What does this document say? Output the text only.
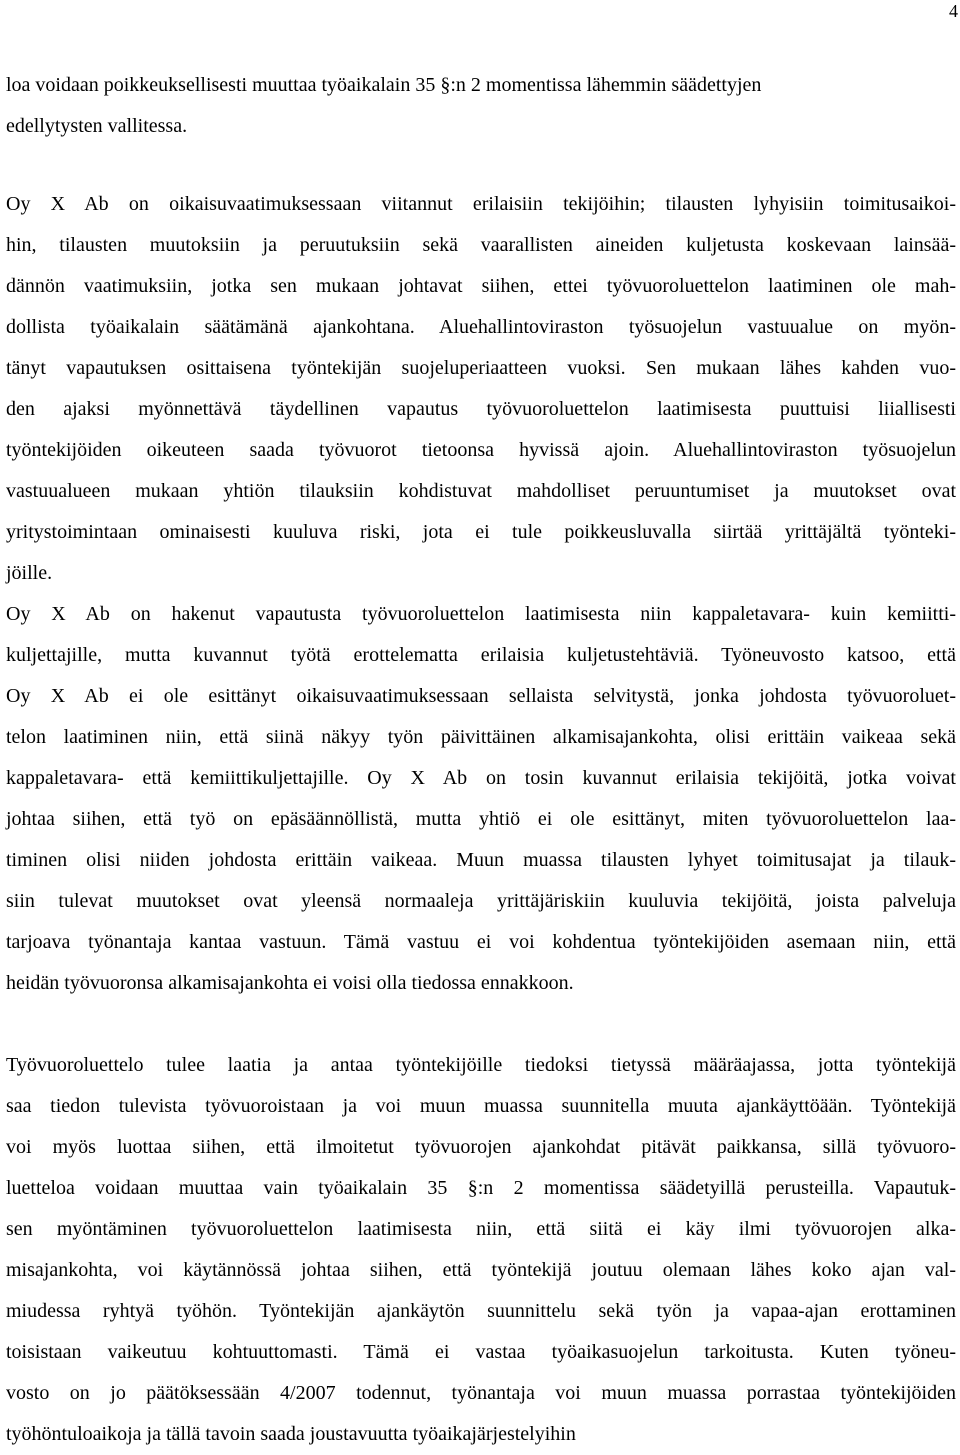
4
loa voidaan poikkeuksellisesti muuttaa työaikalain 35 §:n 2 momentissa lähemmin säädettyjen
edellytysten vallitessa.
Oy X Ab on oikaisuvaatimuksessaan viitannut erilaisiin tekijöihin; tilausten lyhyisiin toimitusaikoi-
hin, tilausten muutoksiin ja peruutuksiin sekä vaarallisten aineiden kuljetusta koskevaan lainsää-
dännön vaatimuksiin, jotka sen mukaan johtavat siihen, ettei työvuoroluettelon laatiminen ole mah-
dollista työaikalain säätämänä ajankohtana. Aluehallintoviraston työsuojelun vastuualue on myön-
tänyt vapautuksen osittaisena työntekijän suojeluperiaatteen vuoksi. Sen mukaan lähes kahden vuo-
den ajaksi myönnettävä täydellinen vapautus työvuoroluettelon laatimisesta puuttuisi liiallisesti
työntekijöiden oikeuteen saada työvuorot tietoonsa hyvissä ajoin. Aluehallintoviraston työsuojelun
vastuualueen mukaan yhtiön tilauksiin kohdistuvat mahdolliset peruuntumiset ja muutokset ovat
yritystoimintaan ominaisesti kuuluva riski, jota ei tule poikkeusluvalla siirtää yrittäjältä työnteki-
jöille.
Oy X Ab on hakenut vapautusta työvuoroluettelon laatimisesta niin kappaletavara- kuin kemiitti-
kuljettajille, mutta kuvannut työtä erottelematta erilaisia kuljetustehtäviä. Työneuvosto katsoo, että
Oy X Ab ei ole esittänyt oikaisuvaatimuksessaan sellaista selvitystä, jonka johdosta työvuoroluet-
telon laatiminen niin, että siinä näkyy työn päivittäinen alkamisajankohta, olisi erittäin vaikeaa sekä
kappaletavara- että kemiittikuljettajille. Oy X Ab on tosin kuvannut erilaisia tekijöitä, jotka voivat
johtaa siihen, että työ on epäsäännöllistä, mutta yhtiö ei ole esittänyt, miten työvuoroluettelon laa-
timinen olisi niiden johdosta erittäin vaikeaa. Muun muassa tilausten lyhyet toimitusajat ja tilauk-
siin tulevat muutokset ovat yleensä normaaleja yrittäjäriskiin kuuluvia tekijöitä, joista palveluja
tarjoava työnantaja kantaa vastuun. Tämä vastuu ei voi kohdentua työntekijöiden asemaan niin, että
heidän työvuoronsa alkamisajankohta ei voisi olla tiedossa ennakkoon.
Työvuoroluettelo tulee laatia ja antaa työntekijöille tiedoksi tietyssä määräajassa, jotta työntekijä
saa tiedon tulevista työvuoroistaan ja voi muun muassa suunnitella muuta ajankäyttöään. Työntekijä
voi myös luottaa siihen, että ilmoitetut työvuorojen ajankohdat pitävät paikkansa, sillä työvuoro-
luetteloa voidaan muuttaa vain työaikalain 35 §:n 2 momentissa säädetyillä perusteilla. Vapautuk-
sen myöntäminen työvuoroluettelon laatimisesta niin, että siitä ei käy ilmi työvuorojen alka-
misajankohta, voi käytännössä johtaa siihen, että työntekijä joutuu olemaan lähes koko ajan val-
miudessa ryhtyä työhön. Työntekijän ajankäytön suunnittelu sekä työn ja vapaa-ajan erottaminen
toisistaan vaikeutuu kohtuuttomasti. Tämä ei vastaa työaikasuojelun tarkoitusta. Kuten työneu-
vosto on jo päätöksessään 4/2007 todennut, työnantaja voi muun muassa porrastaa työntekijöiden
työhöntuloaikoja ja tällä tavoin saada joustavuutta työaikajärjestelyihin
